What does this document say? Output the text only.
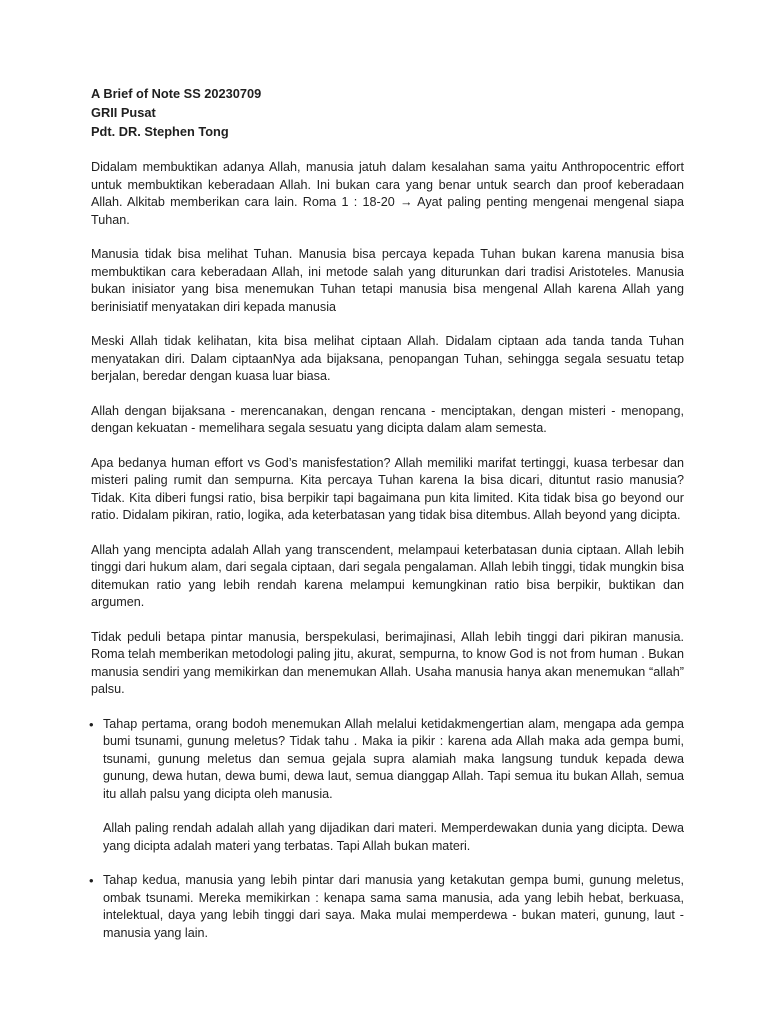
A Brief of Note SS 20230709

GRII Pusat

Pdt. DR. Stephen Tong

Didalam membuktikan adanya Allah, manusia jatuh dalam kesalahan sama yaitu Anthropocentric effort untuk membuktikan keberadaan Allah. Ini bukan cara yang benar untuk search dan proof keberadaan Allah. Alkitab memberikan cara lain. Roma 1 : 18-20 → Ayat paling penting mengenai mengenal siapa Tuhan.

Manusia tidak bisa melihat Tuhan. Manusia bisa percaya kepada Tuhan bukan karena manusia bisa membuktikan cara keberadaan Allah, ini metode salah yang diturunkan dari tradisi Aristoteles. Manusia bukan inisiator yang bisa menemukan Tuhan tetapi manusia bisa mengenal Allah karena Allah yang berinisiatif menyatakan diri kepada manusia

Meski Allah tidak kelihatan, kita bisa melihat ciptaan Allah. Didalam ciptaan ada tanda tanda Tuhan menyatakan diri. Dalam ciptaanNya ada bijaksana, penopangan Tuhan, sehingga segala sesuatu tetap berjalan, beredar dengan kuasa luar biasa.

Allah dengan bijaksana - merencanakan, dengan rencana - menciptakan, dengan misteri - menopang, dengan kekuatan - memelihara segala sesuatu yang dicipta dalam alam semesta.

Apa bedanya human effort vs God’s manisfestation? Allah memiliki marifat tertinggi, kuasa terbesar dan misteri paling rumit dan sempurna. Kita percaya Tuhan karena Ia bisa dicari, dituntut rasio manusia? Tidak. Kita diberi fungsi ratio, bisa berpikir tapi bagaimana pun kita limited. Kita tidak bisa go beyond our ratio. Didalam pikiran, ratio, logika, ada keterbatasan yang tidak bisa ditembus. Allah beyond yang dicipta.

Allah yang mencipta adalah Allah yang transcendent, melampaui keterbatasan dunia ciptaan. Allah lebih tinggi dari hukum alam, dari segala ciptaan, dari segala pengalaman. Allah lebih tinggi, tidak mungkin bisa ditemukan ratio yang lebih rendah karena melampui kemungkinan ratio bisa berpikir, buktikan dan argumen.

Tidak peduli betapa pintar manusia, berspekulasi, berimajinasi, Allah lebih tinggi dari pikiran manusia. Roma telah memberikan metodologi paling jitu, akurat, sempurna, to know God is not from human . Bukan manusia sendiri yang memikirkan dan menemukan Allah. Usaha manusia hanya akan menemukan “allah” palsu.

• Tahap pertama, orang bodoh menemukan Allah melalui ketidakmengertian alam, mengapa ada gempa bumi tsunami, gunung meletus? Tidak tahu . Maka ia pikir : karena ada Allah maka ada gempa bumi, tsunami, gunung meletus dan semua gejala supra alamiah maka langsung tunduk kepada dewa gunung, dewa hutan, dewa bumi, dewa laut, semua dianggap Allah. Tapi semua itu bukan Allah, semua itu allah palsu yang dicipta oleh manusia.

Allah paling rendah adalah allah yang dijadikan dari materi. Memperdewakan dunia yang dicipta. Dewa yang dicipta adalah materi yang terbatas. Tapi Allah bukan materi.

• Tahap kedua, manusia yang lebih pintar dari manusia yang ketakutan gempa bumi, gunung meletus, ombak tsunami. Mereka memikirkan : kenapa sama sama manusia, ada yang lebih hebat, berkuasa, intelektual, daya yang lebih tinggi dari saya. Maka mulai memperdewa - bukan materi, gunung, laut - manusia yang lain.
